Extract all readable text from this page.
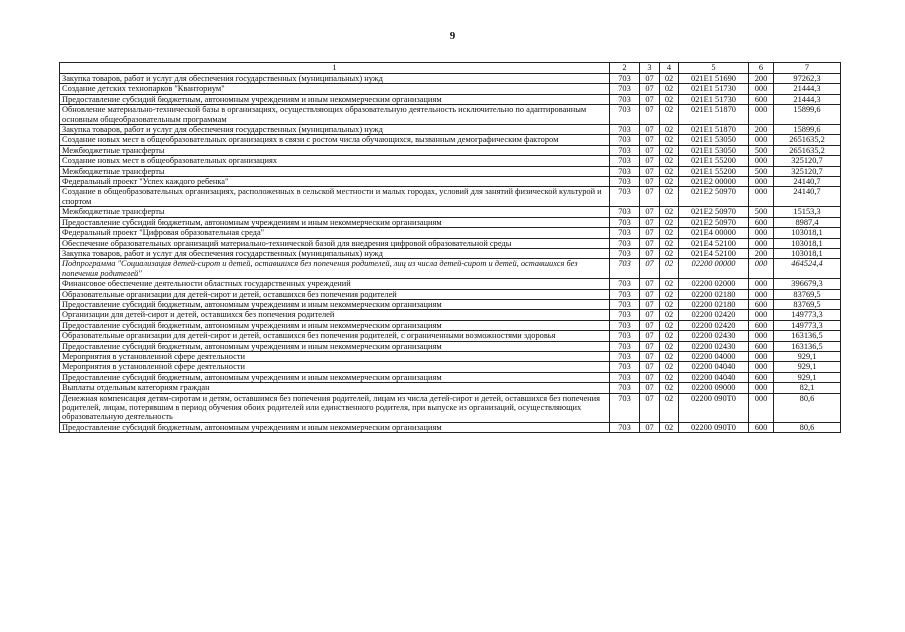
9
1	2	3	4	5	6	7
Закупка товаров, работ и услуг для обеспечения государственных (муниципальных) нужд	703	07	02	021E1 51690	200	97262,3
Создание детских технопарков "Кванториум"	703	07	02	021E1 51730	000	21444,3
Предоставление субсидий бюджетным, автономным учреждениям и иным некоммерческим организациям	703	07	02	021E1 51730	600	21444,3
Обновление материально-технической базы в организациях, осуществляющих образовательную деятельность исключительно по адаптированным основным общеобразовательным программам	703	07	02	021E1 51870	000	15899,6
Закупка товаров, работ и услуг для обеспечения государственных (муниципальных) нужд	703	07	02	021E1 51870	200	15899,6
Создание новых мест в общеобразовательных организациях в связи с ростом числа обучающихся, вызванным демографическим фактором	703	07	02	021E1 53050	000	2651635,2
Межбюджетные трансферты	703	07	02	021E1 53050	500	2651635,2
Создание новых мест в общеобразовательных организациях	703	07	02	021E1 55200	000	325120,7
Межбюджетные трансферты	703	07	02	021E1 55200	500	325120,7
Федеральный проект "Успех каждого ребенка"	703	07	02	021E2 00000	000	24140,7
Создание в общеобразовательных организациях, расположенных в сельской местности и малых городах, условий для занятий физической культурой и спортом	703	07	02	021E2 50970	000	24140,7
Межбюджетные трансферты	703	07	02	021E2 50970	500	15153,3
Предоставление субсидий бюджетным, автономным учреждениям и иным некоммерческим организациям	703	07	02	021E2 50970	600	8987,4
Федеральный проект "Цифровая образовательная среда"	703	07	02	021E4 00000	000	103018,1
Обеспечение образовательных организаций материально-технической базой для внедрения цифровой образовательной среды	703	07	02	021E4 52100	000	103018,1
Закупка товаров, работ и услуг для обеспечения государственных (муниципальных) нужд	703	07	02	021E4 52100	200	103018,1
Подпрограмма "Социализация детей-сирот и детей, оставшихся без попечения родителей, лиц из числа детей-сирот и детей, оставшихся без попечения родителей"	703	07	02	02200 00000	000	464524,4
Финансовое обеспечение деятельности областных государственных учреждений	703	07	02	02200 02000	000	396679,3
Образовательные организации для детей-сирот и детей, оставшихся без попечения родителей	703	07	02	02200 02180	000	83769,5
Предоставление субсидий бюджетным, автономным учреждениям и иным некоммерческим организациям	703	07	02	02200 02180	600	83769,5
Организации для детей-сирот и детей, оставшихся без попечения родителей	703	07	02	02200 02420	000	149773,3
Предоставление субсидий бюджетным, автономным учреждениям и иным некоммерческим организациям	703	07	02	02200 02420	600	149773,3
Образовательные организации для детей-сирот и детей, оставшихся без попечения родителей, с ограниченными возможностями здоровья	703	07	02	02200 02430	000	163136,5
Предоставление субсидий бюджетным, автономным учреждениям и иным некоммерческим организациям	703	07	02	02200 02430	600	163136,5
Мероприятия в установленной сфере деятельности	703	07	02	02200 04000	000	929,1
Мероприятия в установленной сфере деятельности	703	07	02	02200 04040	000	929,1
Предоставление субсидий бюджетным, автономным учреждениям и иным некоммерческим организациям	703	07	02	02200 04040	600	929,1
Выплаты отдельным категориям граждан	703	07	02	02200 09000	000	82,1
Денежная компенсация детям-сиротам и детям, оставшимся без попечения родителей, лицам из числа детей-сирот и детей, оставшихся без попечения родителей, лицам, потерявшим в период обучения обоих родителей или единственного родителя, при выпуске из организаций, осуществляющих образовательную деятельность	703	07	02	02200 090Т0	000	80,6
Предоставление субсидий бюджетным, автономным учреждениям и иным некоммерческим организациям	703	07	02	02200 090Т0	600	80,6
